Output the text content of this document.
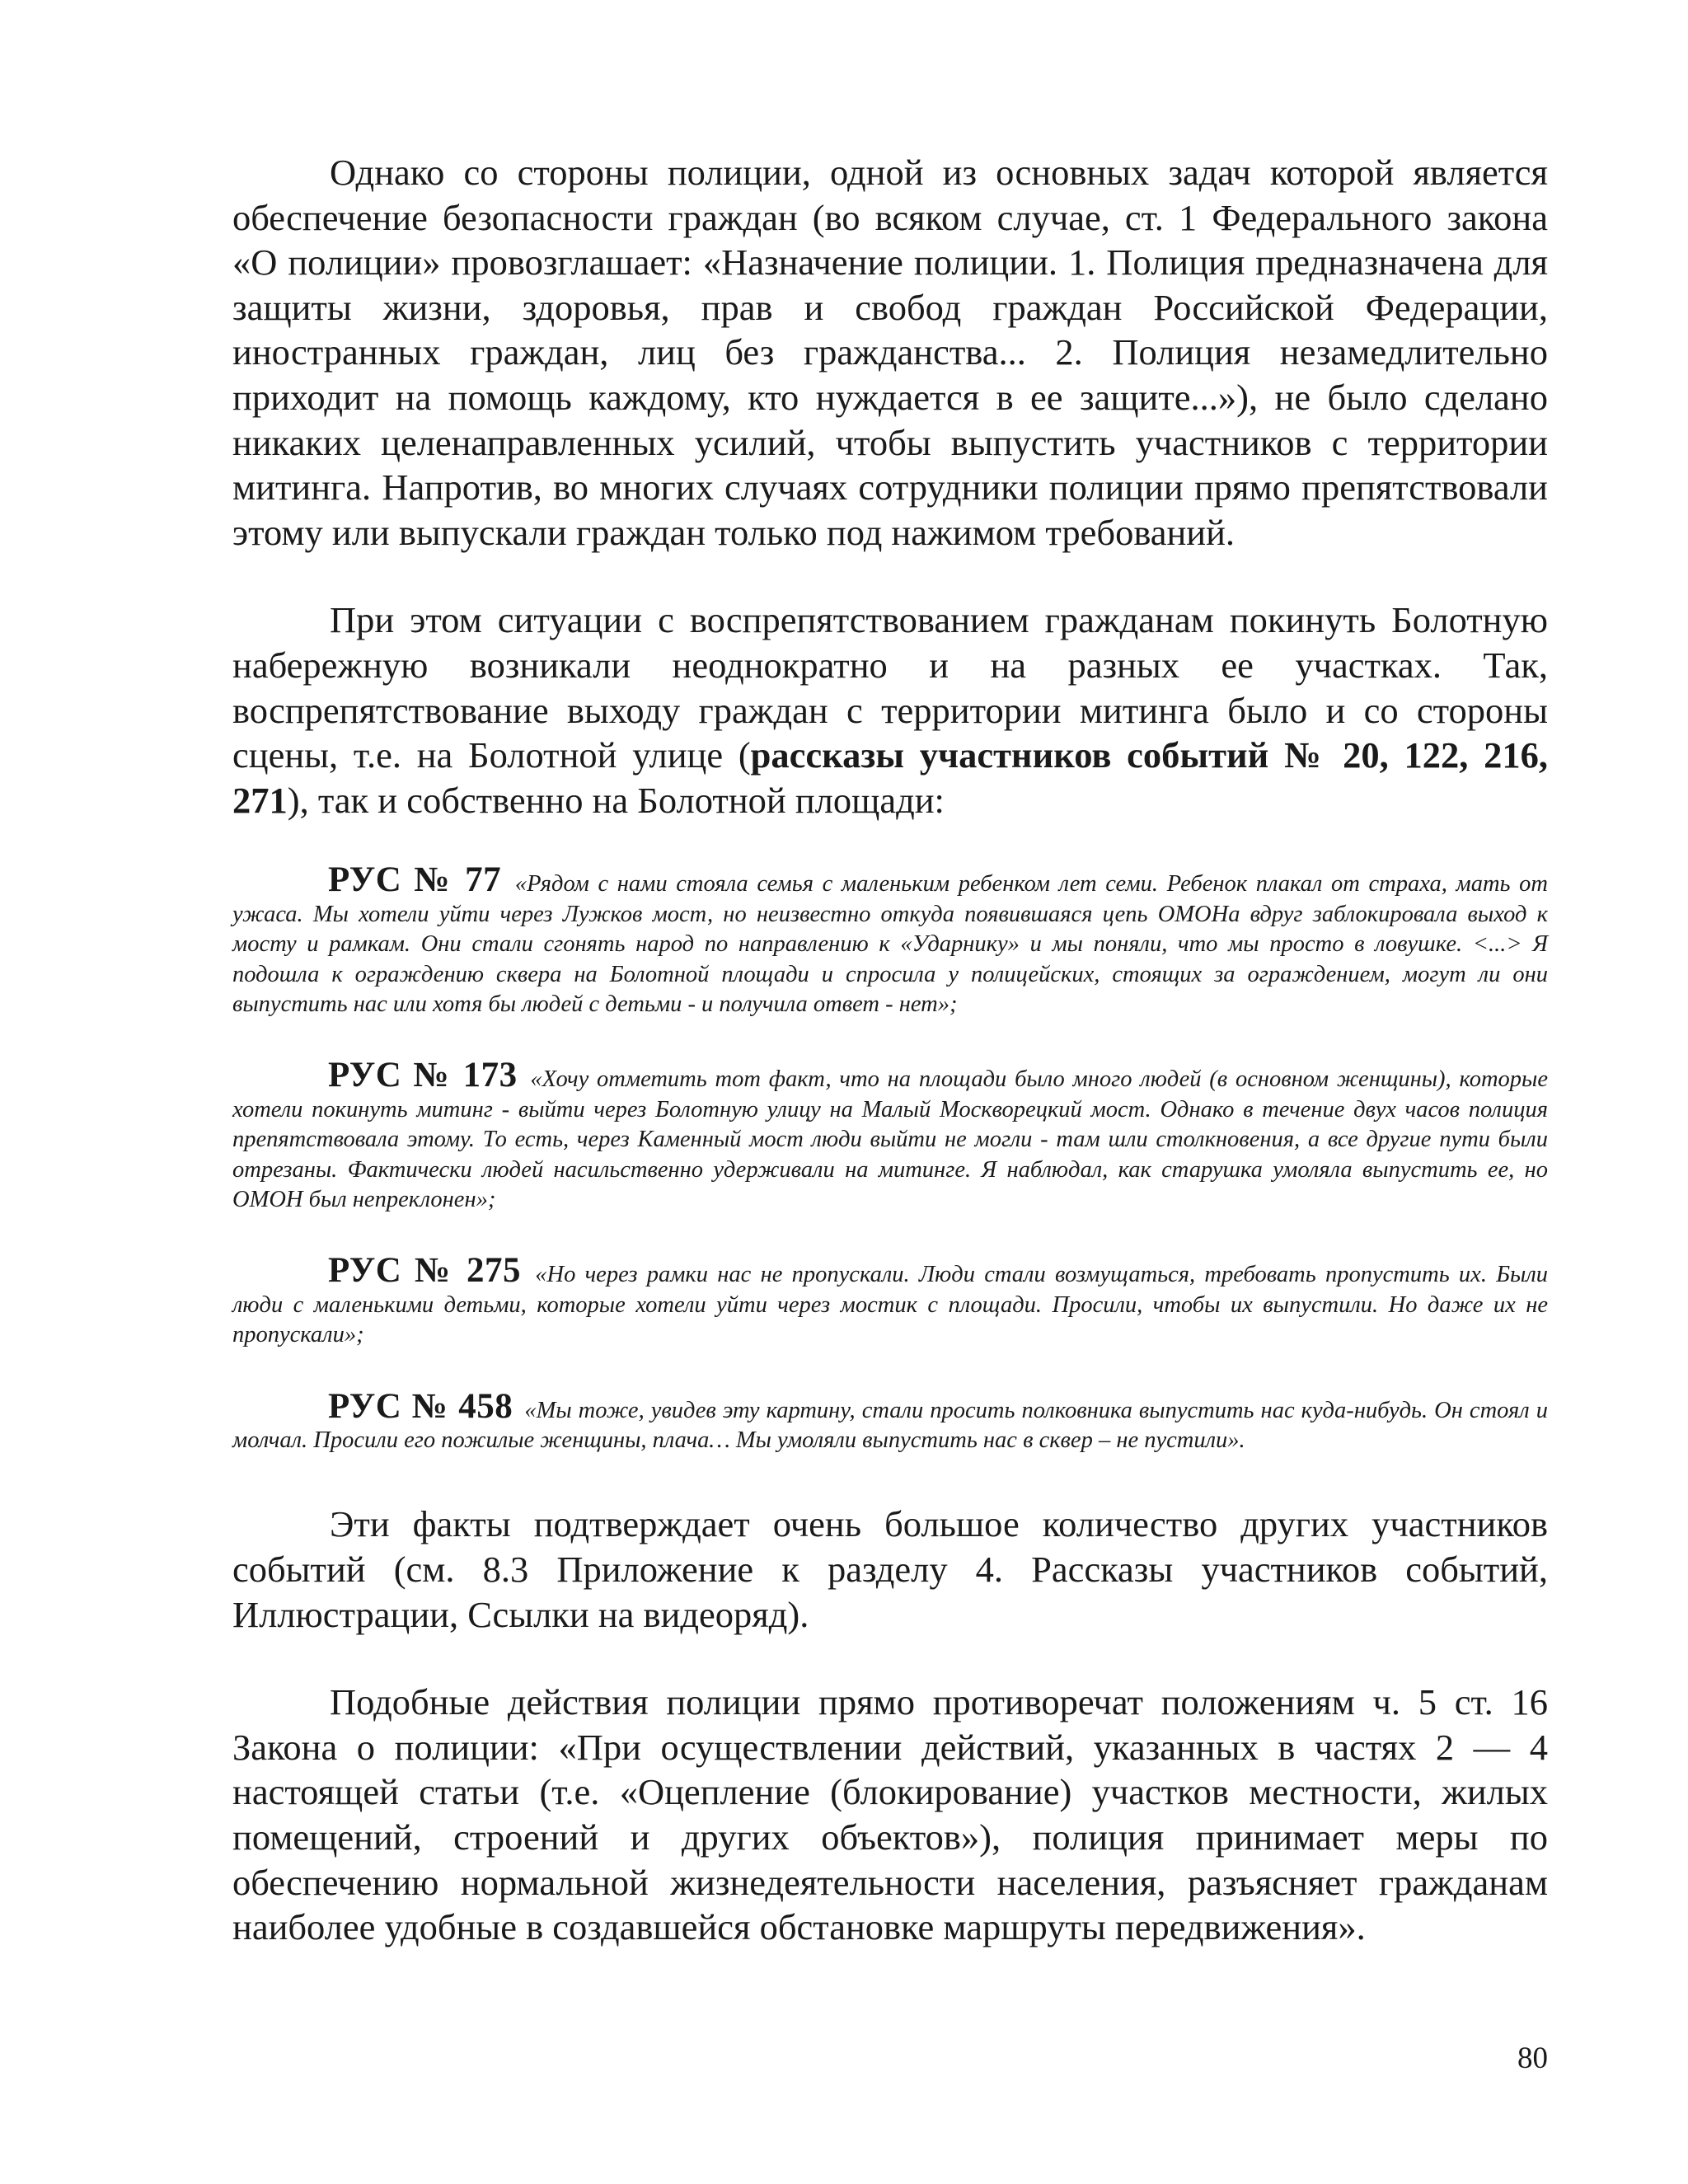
Однако со стороны полиции, одной из основных задач которой является обеспечение безопасности граждан (во всяком случае, ст. 1 Федерального закона «О полиции» провозглашает: «Назначение полиции. 1. Полиция предназначена для защиты жизни, здоровья, прав и свобод граждан Российской Федерации, иностранных граждан, лиц без гражданства... 2. Полиция незамедлительно приходит на помощь каждому, кто нуждается в ее защите...»), не было сделано никаких целенаправленных усилий, чтобы выпустить участников с территории митинга. Напротив, во многих случаях сотрудники полиции прямо препятствовали этому или выпускали граждан только под нажимом требований.

При этом ситуации с воспрепятствованием гражданам покинуть Болотную набережную возникали неоднократно и на разных ее участках. Так, воспрепятствование выходу граждан с территории митинга было и со стороны сцены, т.е. на Болотной улице (рассказы участников событий № 20, 122, 216, 271), так и собственно на Болотной площади:

РУС № 77 «Рядом с нами стояла семья с маленьким ребенком лет семи. Ребенок плакал от страха, мать от ужаса. Мы хотели уйти через Лужков мост, но неизвестно откуда появившаяся цепь ОМОНа вдруг заблокировала выход к мосту и рамкам. Они стали сгонять народ по направлению к «Ударнику» и мы поняли, что мы просто в ловушке. <...> Я подошла к ограждению сквера на Болотной площади и спросила у полицейских, стоящих за ограждением, могут ли они выпустить нас или хотя бы людей с детьми - и получила ответ - нет»;

РУС № 173 «Хочу отметить тот факт, что на площади было много людей (в основном женщины), которые хотели покинуть митинг - выйти через Болотную улицу на Малый Москворецкий мост. Однако в течение двух часов полиция препятствовала этому. То есть, через Каменный мост люди выйти не могли - там шли столкновения, а все другие пути были отрезаны. Фактически людей насильственно удерживали на митинге. Я наблюдал, как старушка умоляла выпустить ее, но ОМОН был непреклонен»;

РУС № 275 «Но через рамки нас не пропускали. Люди стали возмущаться, требовать пропустить их. Были люди с маленькими детьми, которые хотели уйти через мостик с площади. Просили, чтобы их выпустили. Но даже их не пропускали»;

РУС № 458 «Мы тоже, увидев эту картину, стали просить полковника выпустить нас куда-нибудь. Он стоял и молчал. Просили его пожилые женщины, плача… Мы умоляли выпустить нас в сквер – не пустили».

Эти факты подтверждает очень большое количество других участников событий (см. 8.3 Приложение к разделу 4. Рассказы участников событий, Иллюстрации, Ссылки на видеоряд).

Подобные действия полиции прямо противоречат положениям ч. 5 ст. 16 Закона о полиции: «При осуществлении действий, указанных в частях 2 — 4 настоящей статьи (т.е. «Оцепление (блокирование) участков местности, жилых помещений, строений и других объектов»), полиция принимает меры по обеспечению нормальной жизнедеятельности населения, разъясняет гражданам наиболее удобные в создавшейся обстановке маршруты передвижения».

80
